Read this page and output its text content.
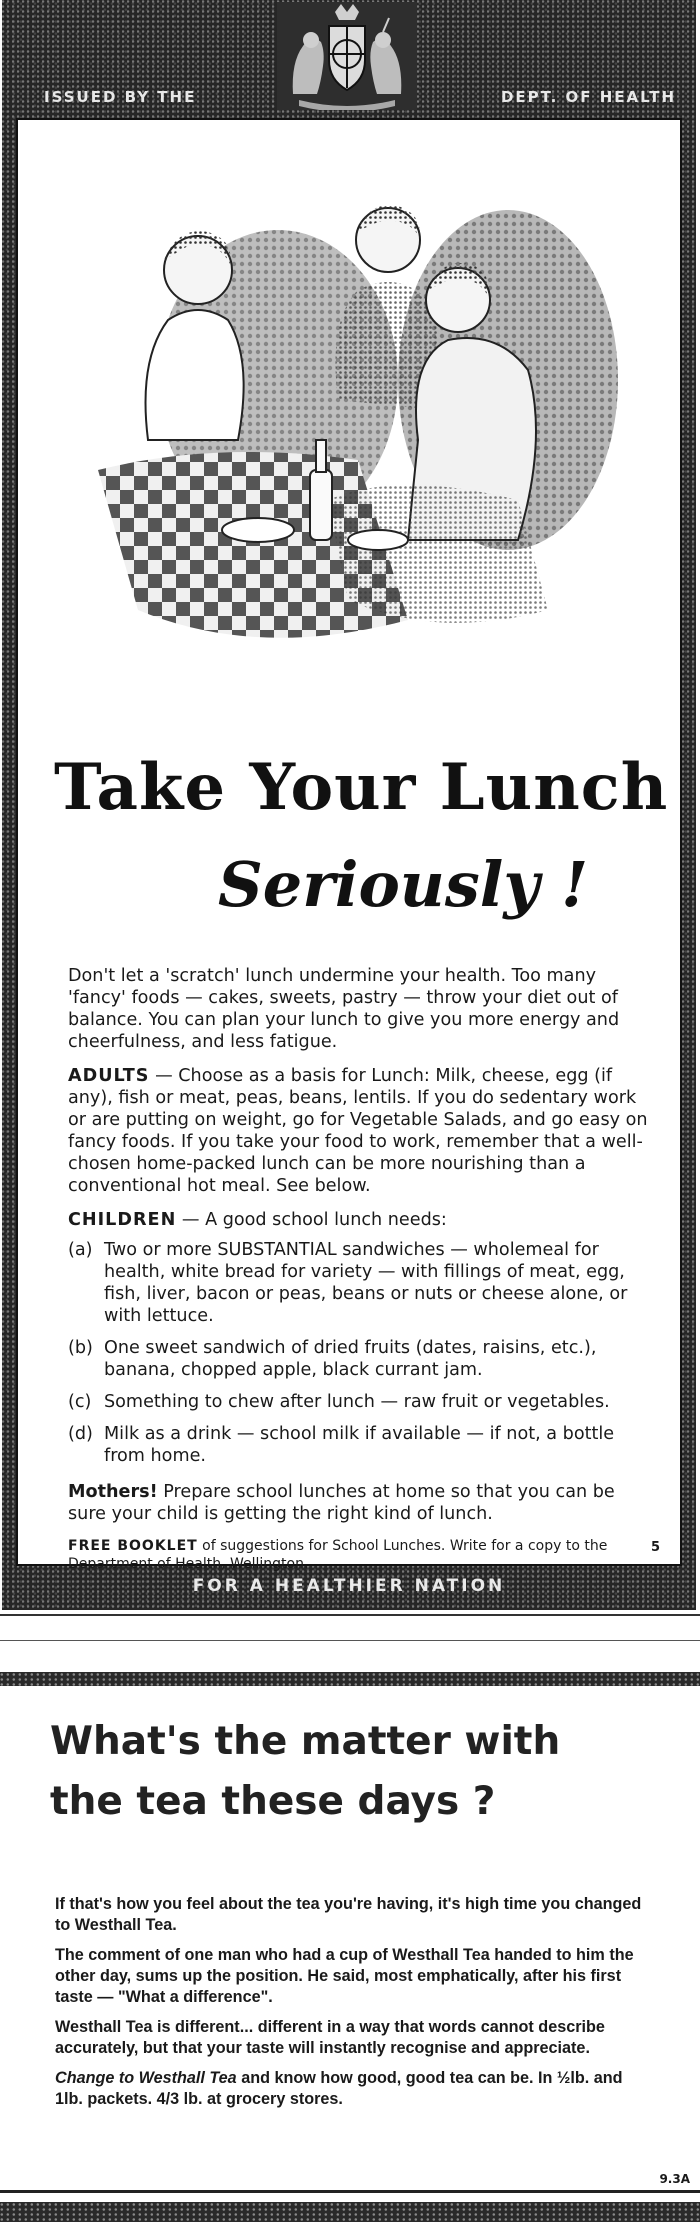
ISSUED BY THE	DEPT. OF HEALTH
Take Your Lunch
Seriously !

Don't let a 'scratch' lunch undermine your health. Too many 'fancy' foods — cakes, sweets, pastry — throw your diet out of balance. You can plan your lunch to give you more energy and cheerfulness, and less fatigue.

ADULTS — Choose as a basis for Lunch: Milk, cheese, egg (if any), fish or meat, peas, beans, lentils. If you do sedentary work or are putting on weight, go for Vegetable Salads, and go easy on fancy foods. If you take your food to work, remember that a well-chosen home-packed lunch can be more nourishing than a conventional hot meal. See below.

CHILDREN — A good school lunch needs:

(a) Two or more SUBSTANTIAL sandwiches — wholemeal for health, white bread for variety — with fillings of meat, egg, fish, liver, bacon or peas, beans or nuts or cheese alone, or with lettuce.
(b) One sweet sandwich of dried fruits (dates, raisins, etc.), banana, chopped apple, black currant jam.
(c) Something to chew after lunch — raw fruit or vegetables.
(d) Milk as a drink — school milk if available — if not, a bottle from home.

Mothers! Prepare school lunches at home so that you can be sure your child is getting the right kind of lunch.

FREE BOOKLET of suggestions for School Lunches. Write for a copy to the Department of Health, Wellington.

5
FOR A HEALTHIER NATION
What's the matter with
the tea these days ?

If that's how you feel about the tea you're having, it's high time you changed to Westhall Tea.

The comment of one man who had a cup of Westhall Tea handed to him the other day, sums up the position. He said, most emphatically, after his first taste — "What a difference".

Westhall Tea is different... different in a way that words cannot describe accurately, but that your taste will instantly recognise and appreciate.

Change to Westhall Tea and know how good, good tea can be. In ½lb. and 1lb. packets. 4/3 lb. at grocery stores.

9.3A
